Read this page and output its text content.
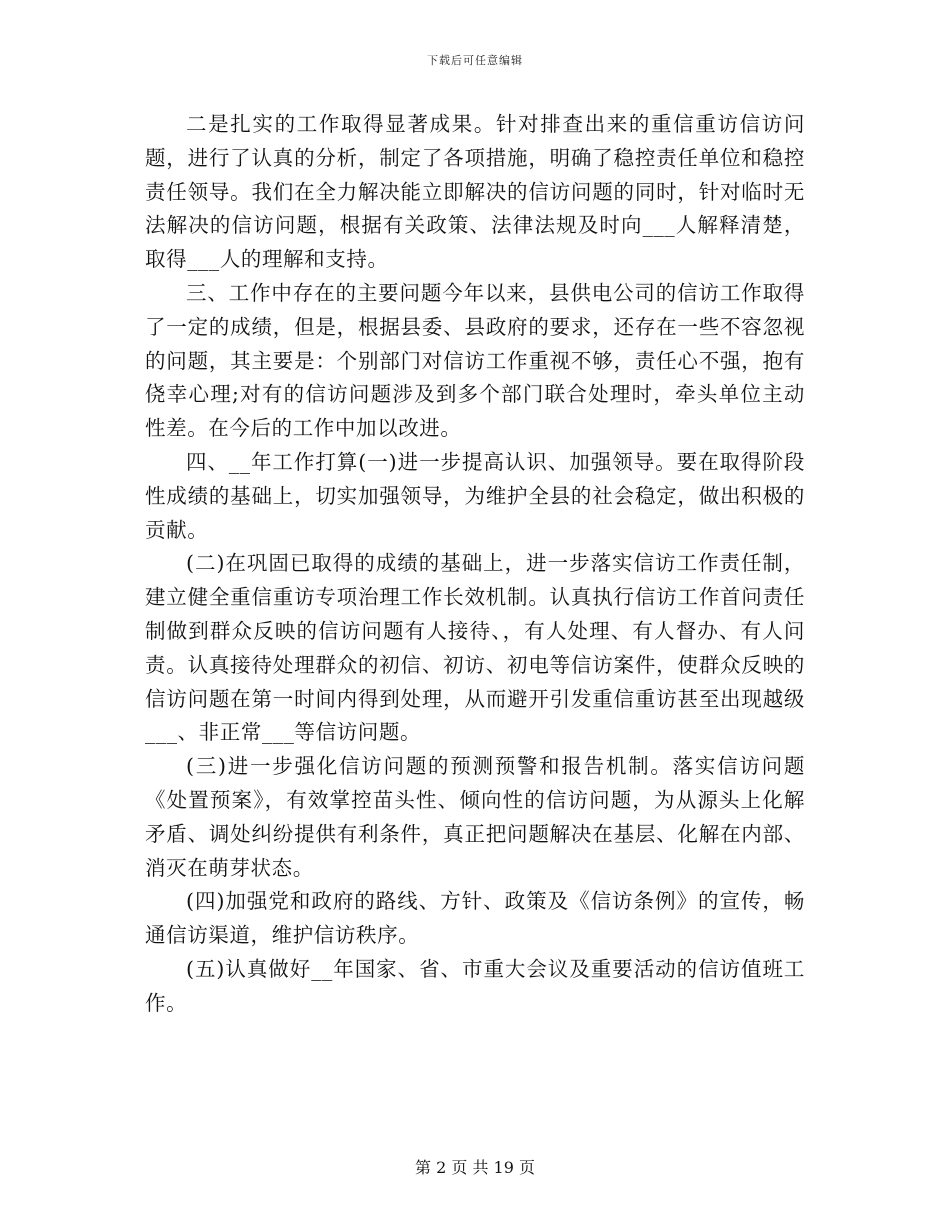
下载后可任意编辑

二是扎实的工作取得显著成果。针对排查出来的重信重访信访问题，进行了认真的分析，制定了各项措施，明确了稳控责任单位和稳控责任领导。我们在全力解决能立即解决的信访问题的同时，针对临时无法解决的信访问题，根据有关政策、法律法规及时向___人解释清楚，取得___人的理解和支持。

三、工作中存在的主要问题今年以来，县供电公司的信访工作取得了一定的成绩，但是，根据县委、县政府的要求，还存在一些不容忽视的问题，其主要是：个别部门对信访工作重视不够，责任心不强，抱有侥幸心理;对有的信访问题涉及到多个部门联合处理时，牵头单位主动性差。在今后的工作中加以改进。

四、__年工作打算(一)进一步提高认识、加强领导。要在取得阶段性成绩的基础上，切实加强领导，为维护全县的社会稳定，做出积极的贡献。

(二)在巩固已取得的成绩的基础上，进一步落实信访工作责任制，建立健全重信重访专项治理工作长效机制。认真执行信访工作首问责任制做到群众反映的信访问题有人接待、，有人处理、有人督办、有人问责。认真接待处理群众的初信、初访、初电等信访案件，使群众反映的信访问题在第一时间内得到处理，从而避开引发重信重访甚至出现越级___、非正常___等信访问题。

(三)进一步强化信访问题的预测预警和报告机制。落实信访问题《处置预案》，有效掌控苗头性、倾向性的信访问题，为从源头上化解矛盾、调处纠纷提供有利条件，真正把问题解决在基层、化解在内部、消灭在萌芽状态。

(四)加强党和政府的路线、方针、政策及《信访条例》的宣传，畅通信访渠道，维护信访秩序。

(五)认真做好__年国家、省、市重大会议及重要活动的信访值班工作。

第 2 页 共 19 页
